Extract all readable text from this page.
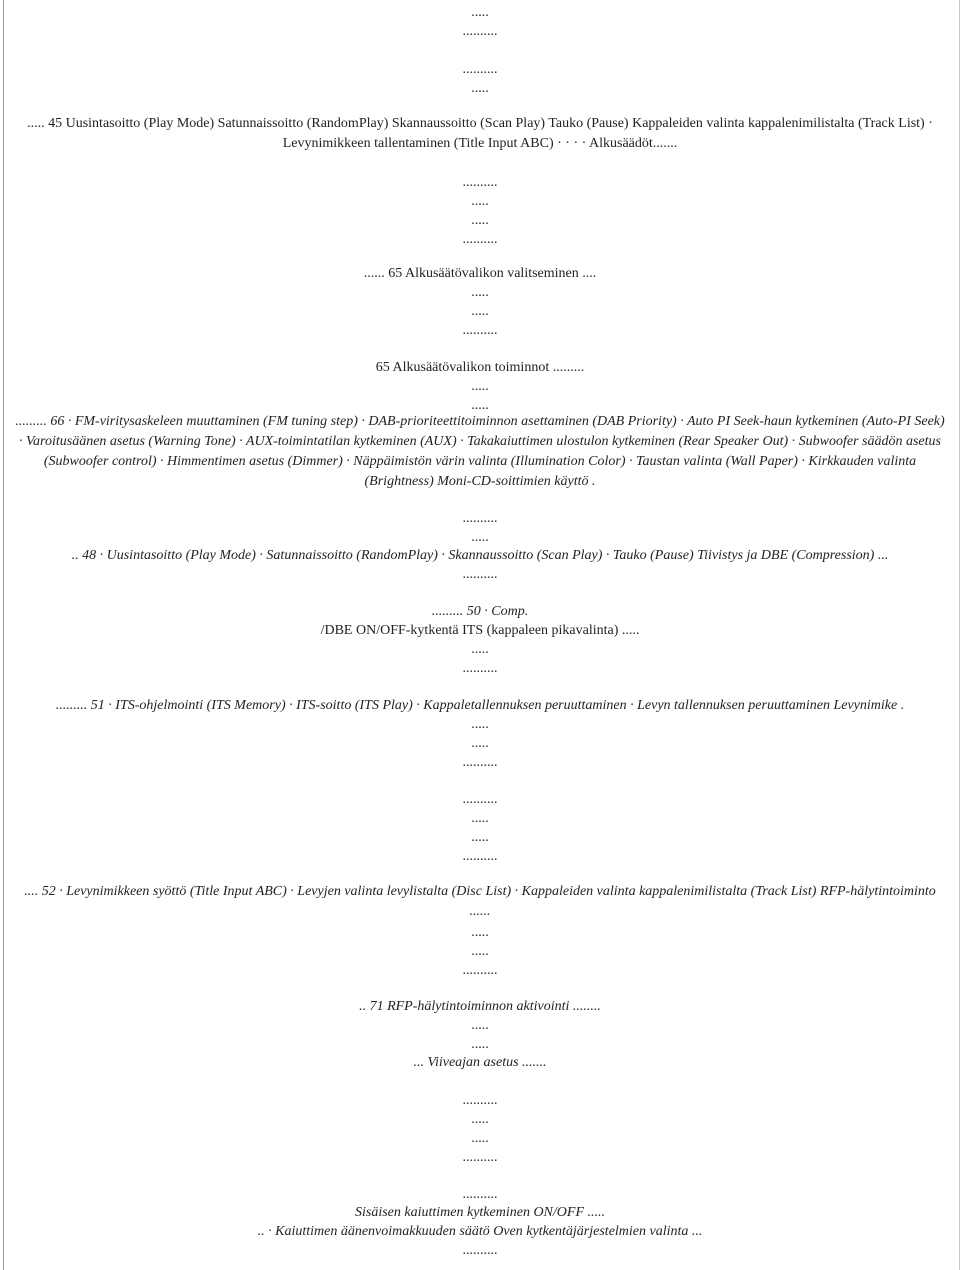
.....
..........
..........
.....
..... 45 Uusintasoitto (Play Mode) Satunnaissoitto (RandomPlay) Skannaussoitto (Scan Play) Tauko (Pause) Kappaleiden valinta kappalenimilistalta (Track List) · Levynimikkeen tallentaminen (Title Input ABC) · · · · Alkusäädöt.......
..........
.....
.....
..........
...... 65 Alkusäätövalikon valitseminen ....
.....
.....
..........
65 Alkusäätövalikon toiminnot .........
.....
.....
......... 66 · FM-viritysaskeleen muuttaminen (FM tuning step) · DAB-prioriteettitoiminnon asettaminen (DAB Priority) · Auto PI Seek-haun kytkeminen (Auto-PI Seek) · Varoitusäänen asetus (Warning Tone) · AUX-toimintatilan kytkeminen (AUX) · Takakaiuttimen ulostulon kytkeminen (Rear Speaker Out) · Subwoofer säädön asetus (Subwoofer control) · Himmentimen asetus (Dimmer) · Näppäimistön värin valinta (Illumination Color) · Taustan valinta (Wall Paper) · Kirkkauden valinta (Brightness) Moni-CD-soittimien käyttö .
..........
.....
.. 48 · Uusintasoitto (Play Mode) · Satunnaissoitto (RandomPlay) · Skannaussoitto (Scan Play) · Tauko (Pause) Tiivistys ja DBE (Compression) ...
..........
......... 50 · Comp.
/DBE ON/OFF-kytkentä ITS (kappaleen pikavalinta) .....
.....
..........
......... 51 · ITS-ohjelmointi (ITS Memory) · ITS-soitto (ITS Play) · Kappaletallennuksen peruuttaminen · Levyn tallennuksen peruuttaminen Levynimike .
.....
.....
..........
..........
.....
.....
..........
.... 52 · Levynimikkeen syöttö (Title Input ABC) · Levyjen valinta levylistalta (Disc List) · Kappaleiden valinta kappalenimilistalta (Track List) RFP-hälytintoiminto ......
.....
.....
..........
.. 71 RFP-hälytintoiminnon aktivointi ........
.....
.....
... Viiveajan asetus .......
..........
.....
.....
..........
..........
Sisäisen kaiuttimen kytkeminen ON/OFF .....
.. · Kaiuttimen äänenvoimakkuuden säätö Oven kytkentäjärjestelmien valinta ...
..........
